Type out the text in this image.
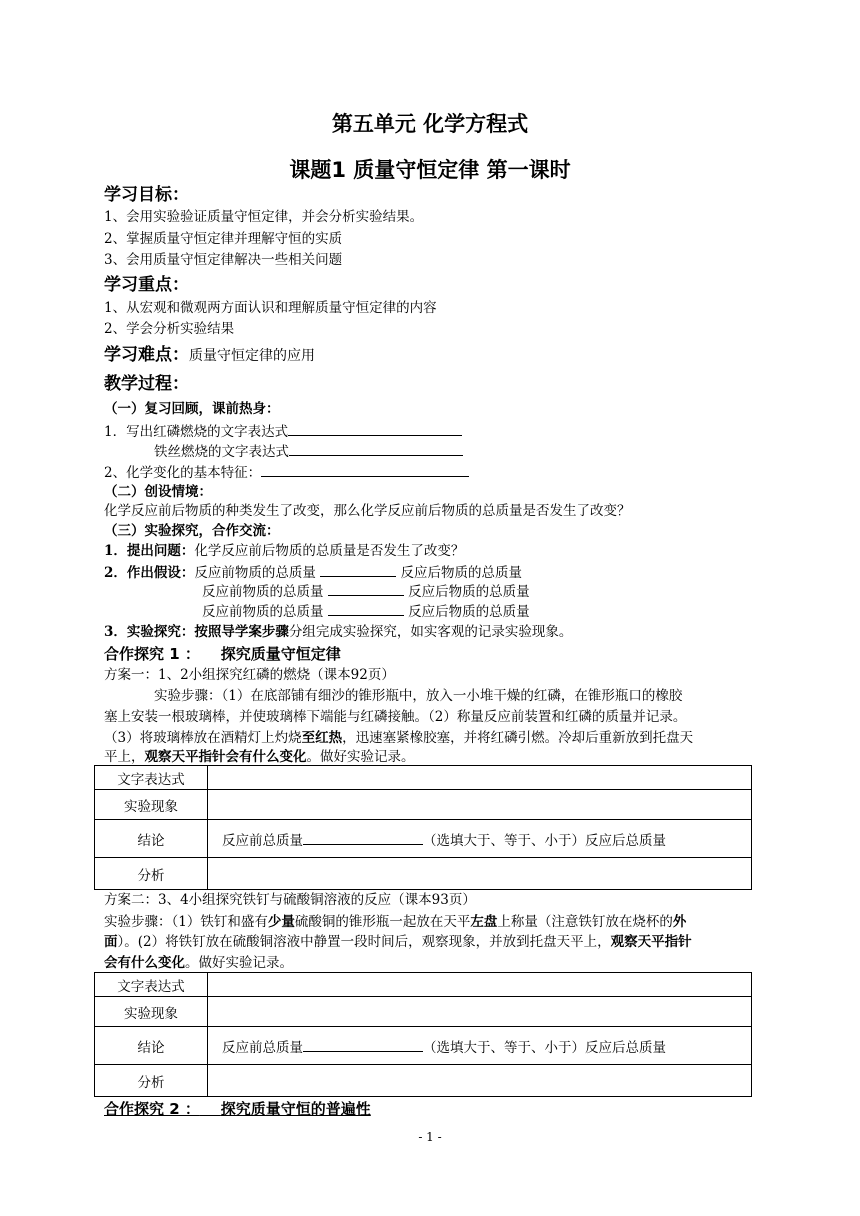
第五单元 化学方程式
课题1 质量守恒定律 第一课时
学习目标：
1、会用实验验证质量守恒定律，并会分析实验结果。
2、掌握质量守恒定律并理解守恒的实质
3、会用质量守恒定律解决一些相关问题
学习重点：
1、从宏观和微观两方面认识和理解质量守恒定律的内容
2、学会分析实验结果
学习难点：质量守恒定律的应用
教学过程：
（一）复习回顾，课前热身：
1．写出红磷燃烧的文字表达式
铁丝燃烧的文字表达式
2、化学变化的基本特征：
（二）创设情境：
化学反应前后物质的种类发生了改变，那么化学反应前后物质的总质量是否发生了改变？
（三）实验探究，合作交流：
1．提出问题：化学反应前后物质的总质量是否发生了改变？
2．作出假设：反应前物质的总质量	反应后物质的总质量
反应前物质的总质量	反应后物质的总质量
反应前物质的总质量	反应后物质的总质量
3．实验探究：按照导学案步骤分组完成实验探究，如实客观的记录实验现象。
合作探究 1 ： 探究质量守恒定律
方案一：1、2小组探究红磷的燃烧（课本92页）
实验步骤：（1）在底部铺有细沙的锥形瓶中，放入一小堆干燥的红磷，在锥形瓶口的橡胶
塞上安装一根玻璃棒，并使玻璃棒下端能与红磷接触。（2）称量反应前装置和红磷的质量并记录。
（3）将玻璃棒放在酒精灯上灼烧至红热，迅速塞紧橡胶塞，并将红磷引燃。冷却后重新放到托盘天
平上，观察天平指针会有什么变化。做好实验记录。
文字表达式	
实验现象	
结论	反应前总质量 （选填大于、等于、小于）反应后总质量
分析	
方案二：3、4小组探究铁钉与硫酸铜溶液的反应（课本93页）
实验步骤：（1）铁钉和盛有少量硫酸铜的锥形瓶一起放在天平左盘上称量（注意铁钉放在烧杯的外
面）。(2）将铁钉放在硫酸铜溶液中静置一段时间后，观察现象，并放到托盘天平上，观察天平指针
会有什么变化。做好实验记录。
文字表达式	
实验现象	
结论	反应前总质量 （选填大于、等于、小于）反应后总质量
分析	
合作探究 2 ： 探究质量守恒的普遍性
- 1 -
